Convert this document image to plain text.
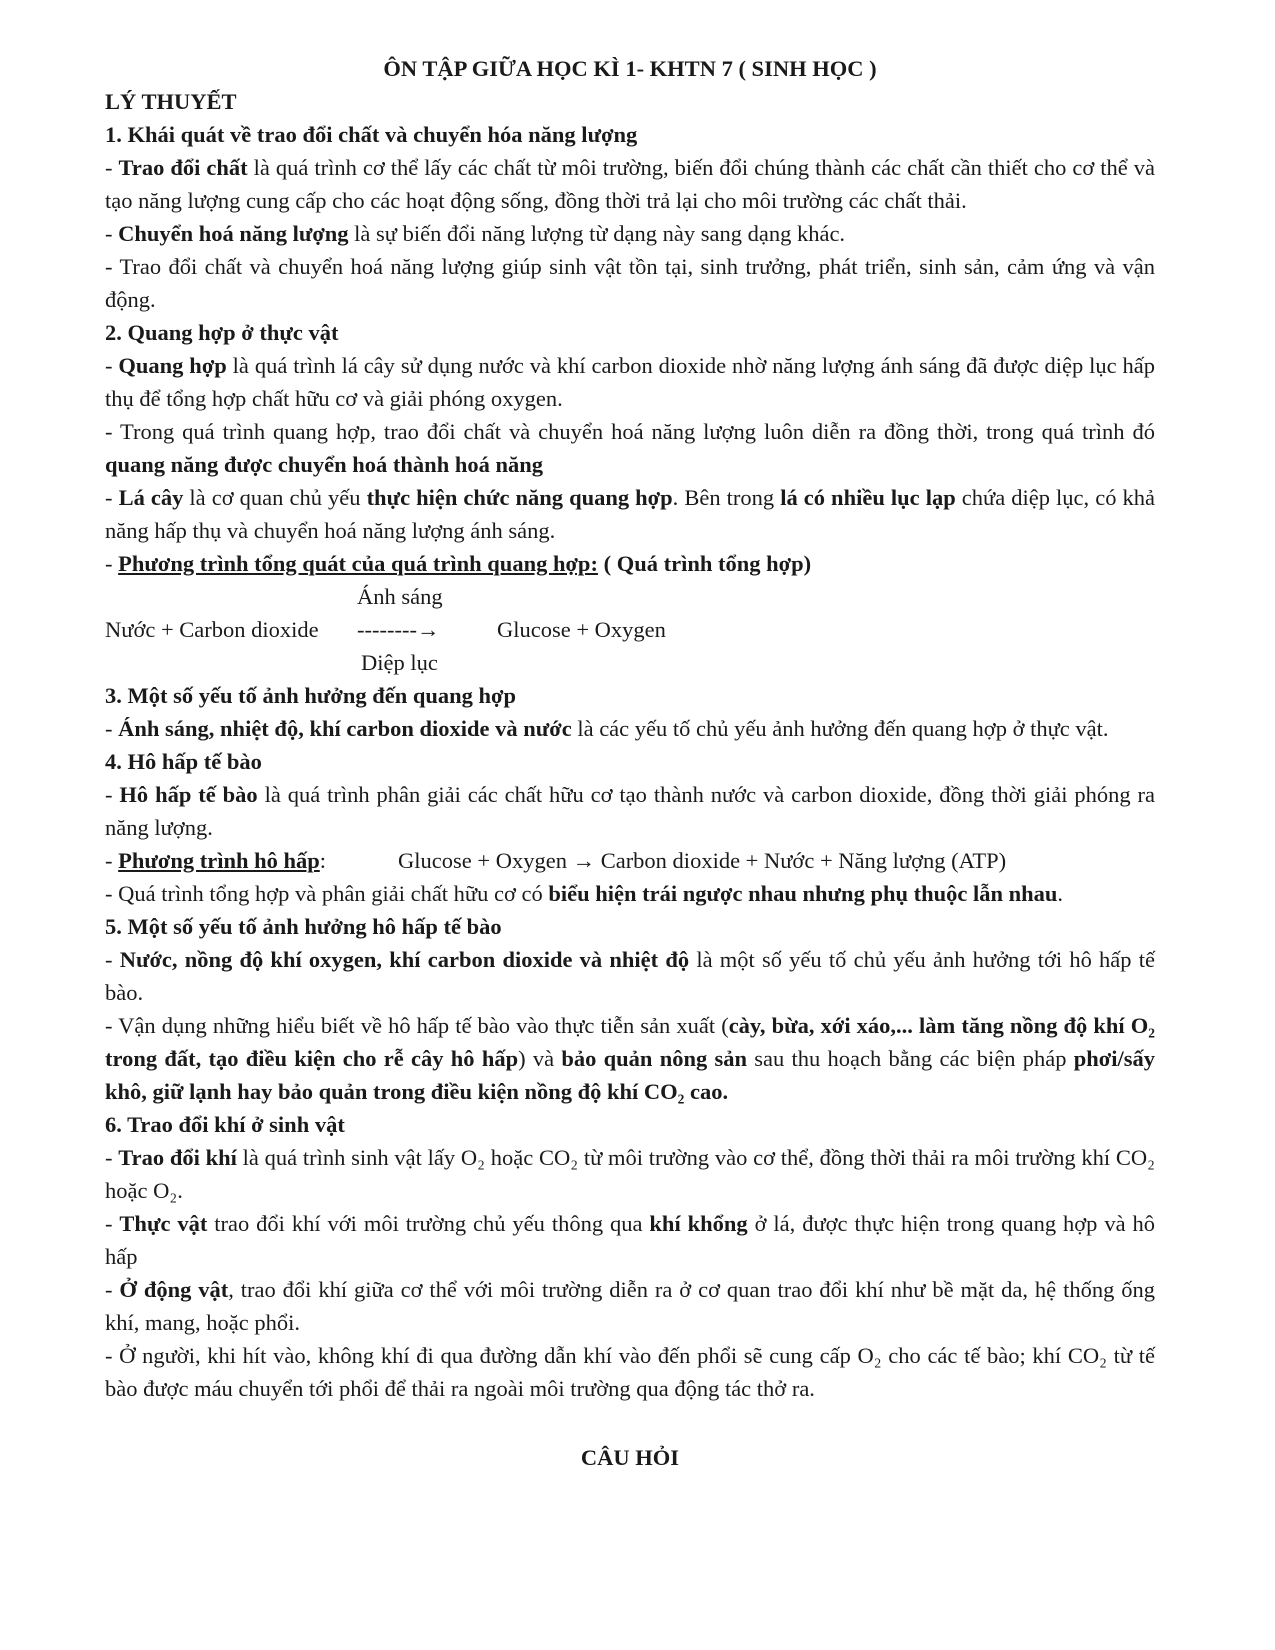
ÔN TẬP GIỮA HỌC KÌ 1- KHTN 7 ( SINH HỌC )

LÝ THUYẾT

1. Khái quát về trao đổi chất và chuyển hóa năng lượng

- Trao đổi chất là quá trình cơ thể lấy các chất từ môi trường, biến đổi chúng thành các chất cần thiết cho cơ thể và tạo năng lượng cung cấp cho các hoạt động sống, đồng thời trả lại cho môi trường các chất thải.

- Chuyển hoá năng lượng là sự biến đổi năng lượng từ dạng này sang dạng khác.

- Trao đổi chất và chuyển hoá năng lượng giúp sinh vật tồn tại, sinh trưởng, phát triển, sinh sản, cảm ứng và vận động.

2. Quang hợp ở thực vật

- Quang hợp là quá trình lá cây sử dụng nước và khí carbon dioxide nhờ năng lượng ánh sáng đã được diệp lục hấp thụ để tổng hợp chất hữu cơ và giải phóng oxygen.

- Trong quá trình quang hợp, trao đổi chất và chuyển hoá năng lượng luôn diễn ra đồng thời, trong quá trình đó quang năng được chuyển hoá thành hoá năng

- Lá cây là cơ quan chủ yếu thực hiện chức năng quang hợp. Bên trong lá có nhiều lục lạp chứa diệp lục, có khả năng hấp thụ và chuyển hoá năng lượng ánh sáng.

- Phương trình tổng quát của quá trình quang hợp: ( Quá trình tổng hợp)

Ánh sáng
Nước + Carbon dioxide --------→	Glucose + Oxygen
Diệp lục

3. Một số yếu tố ảnh hưởng đến quang hợp

- Ánh sáng, nhiệt độ, khí carbon dioxide và nước là các yếu tố chủ yếu ảnh hưởng đến quang hợp ở thực vật.

4. Hô hấp tế bào

- Hô hấp tế bào là quá trình phân giải các chất hữu cơ tạo thành nước và carbon dioxide, đồng thời giải phóng ra năng lượng.

- Phương trình hô hấp:	Glucose + Oxygen → Carbon dioxide + Nước + Năng lượng (ATP)

- Quá trình tổng hợp và phân giải chất hữu cơ có biểu hiện trái ngược nhau nhưng phụ thuộc lẫn nhau.

5. Một số yếu tố ảnh hưởng hô hấp tế bào

- Nước, nồng độ khí oxygen, khí carbon dioxide và nhiệt độ là một số yếu tố chủ yếu ảnh hưởng tới hô hấp tế bào.

- Vận dụng những hiểu biết về hô hấp tế bào vào thực tiễn sản xuất (cày, bừa, xới xáo,... làm tăng nồng độ khí O₂ trong đất, tạo điều kiện cho rễ cây hô hấp) và bảo quản nông sản sau thu hoạch bằng các biện pháp phơi/sấy khô, giữ lạnh hay bảo quản trong điều kiện nồng độ khí CO₂ cao.

6. Trao đổi khí ở sinh vật

- Trao đổi khí là quá trình sinh vật lấy O₂ hoặc CO₂ từ môi trường vào cơ thể, đồng thời thải ra môi trường khí CO₂ hoặc O₂.

- Thực vật trao đổi khí với môi trường chủ yếu thông qua khí khổng ở lá, được thực hiện trong quang hợp và hô hấp

- Ở động vật, trao đổi khí giữa cơ thể với môi trường diễn ra ở cơ quan trao đổi khí như bề mặt da, hệ thống ống khí, mang, hoặc phổi.

- Ở người, khi hít vào, không khí đi qua đường dẫn khí vào đến phổi sẽ cung cấp O₂ cho các tế bào; khí CO₂ từ tế bào được máu chuyển tới phổi để thải ra ngoài môi trường qua động tác thở ra.

CÂU HỎI
